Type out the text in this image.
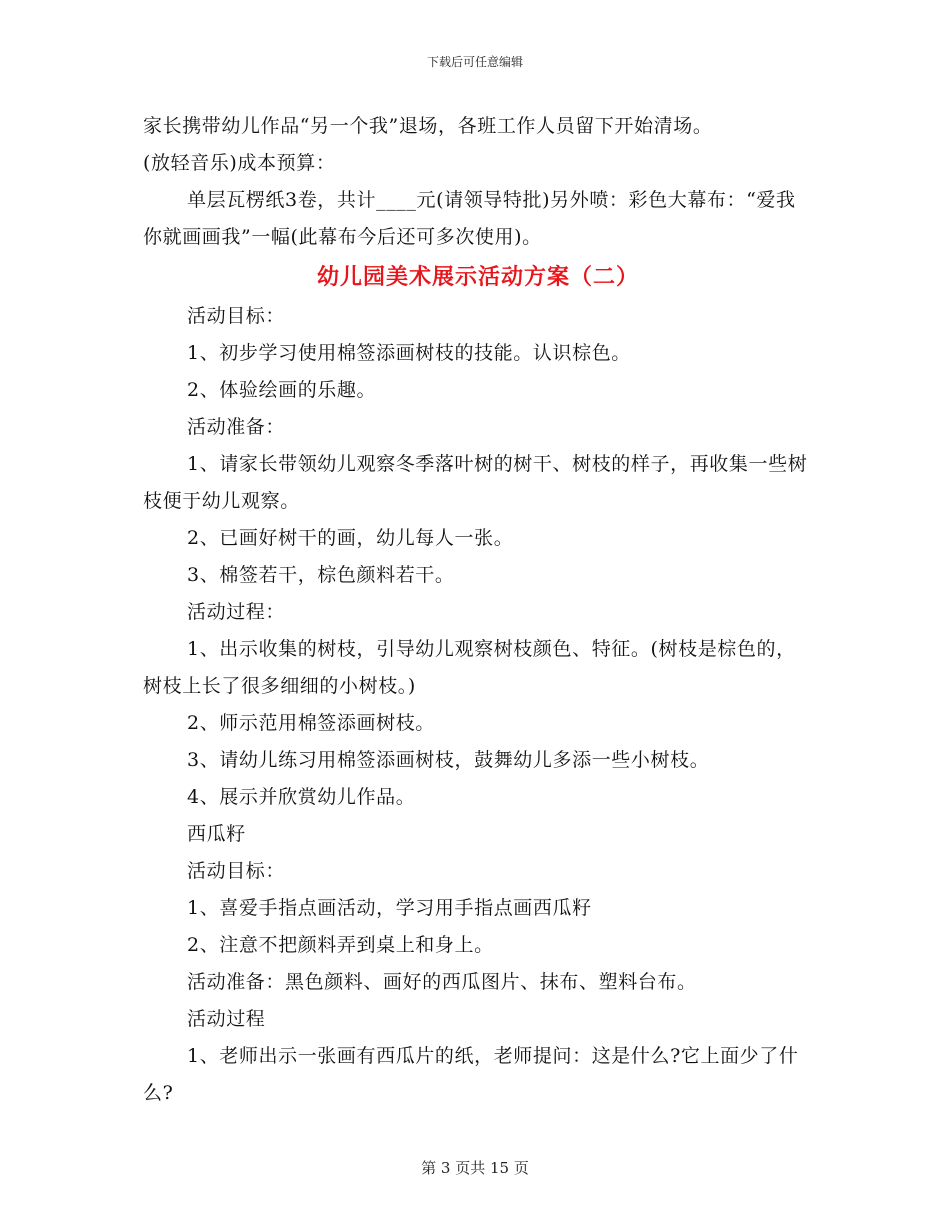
下载后可任意编辑

家长携带幼儿作品“另一个我”退场，各班工作人员留下开始清场。

(放轻音乐)成本预算：

单层瓦楞纸3卷，共计____元(请领导特批)另外喷：彩色大幕布：“爱我你就画画我”一幅(此幕布今后还可多次使用)。

幼儿园美术展示活动方案（二）

活动目标：

1、初步学习使用棉签添画树枝的技能。认识棕色。

2、体验绘画的乐趣。

活动准备：

1、请家长带领幼儿观察冬季落叶树的树干、树枝的样子，再收集一些树枝便于幼儿观察。

2、已画好树干的画，幼儿每人一张。

3、棉签若干，棕色颜料若干。

活动过程：

1、出示收集的树枝，引导幼儿观察树枝颜色、特征。(树枝是棕色的，树枝上长了很多细细的小树枝。)

2、师示范用棉签添画树枝。

3、请幼儿练习用棉签添画树枝，鼓舞幼儿多添一些小树枝。

4、展示并欣赏幼儿作品。

西瓜籽

活动目标：

1、喜爱手指点画活动，学习用手指点画西瓜籽

2、注意不把颜料弄到桌上和身上。

活动准备：黑色颜料、画好的西瓜图片、抹布、塑料台布。

活动过程

1、老师出示一张画有西瓜片的纸，老师提问：这是什么?它上面少了什么?

第 3 页共 15 页
